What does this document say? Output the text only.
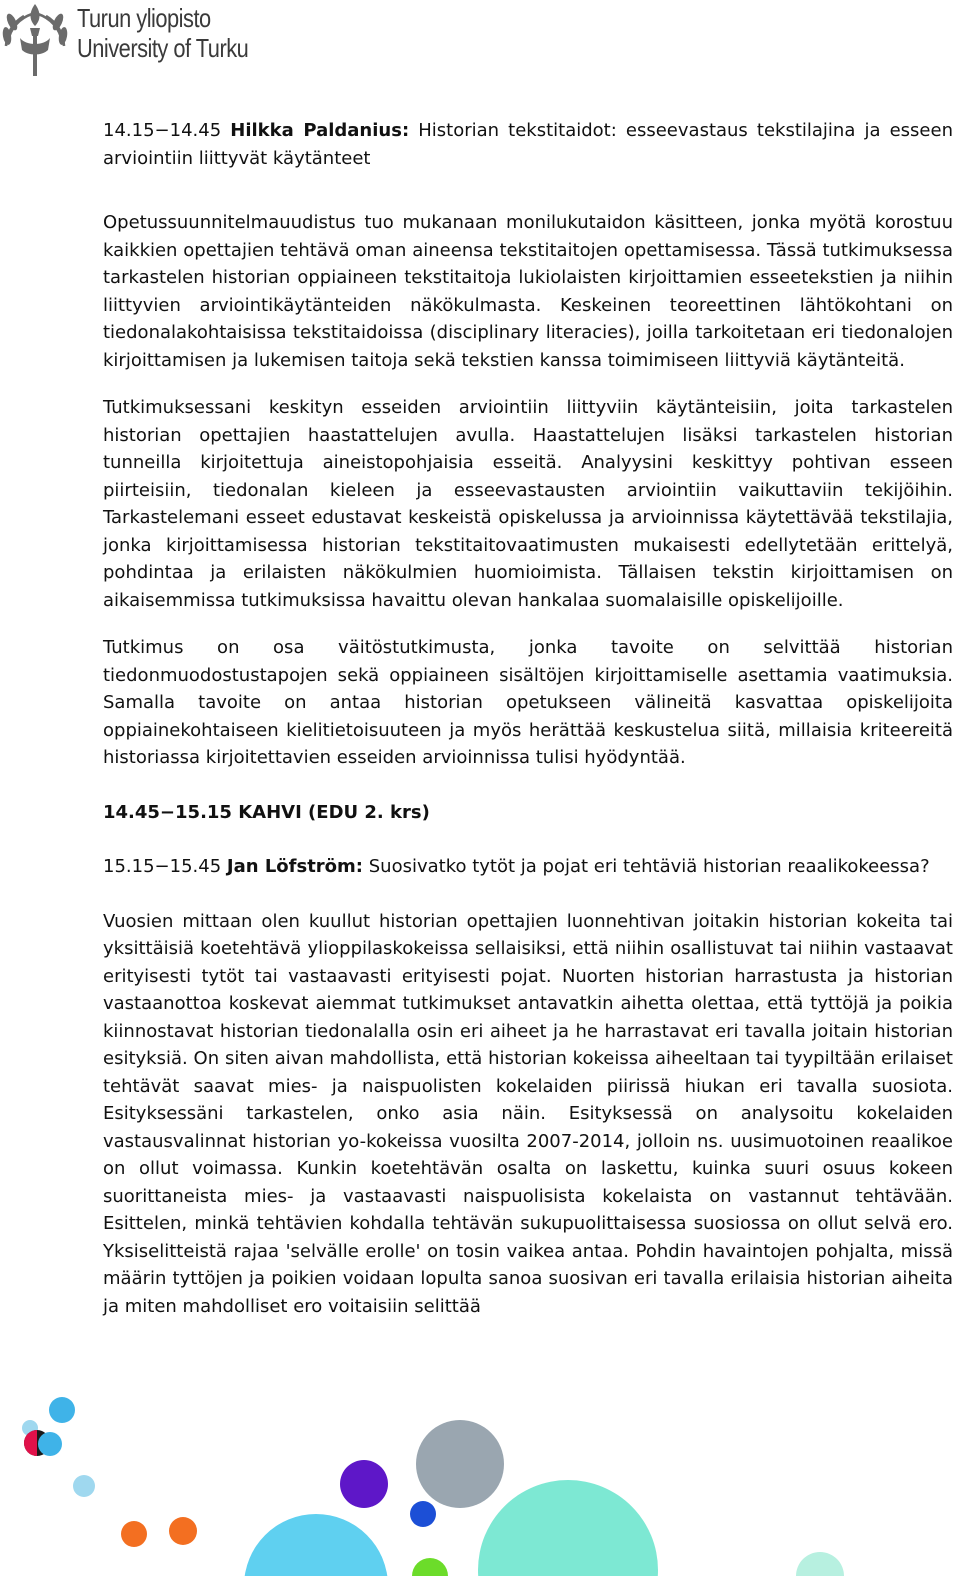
Turun yliopisto
University of Turku

14.15−14.45 Hilkka Paldanius: Historian tekstitaidot: esseevastaus tekstilajina ja esseen arviointiin liittyvät käytänteet

Opetussuunnitelmauudistus tuo mukanaan monilukutaidon käsitteen, jonka myötä korostuu kaikkien opettajien tehtävä oman aineensa tekstitaitojen opettamisessa. Tässä tutkimuksessa tarkastelen historian oppiaineen tekstitaitoja lukiolaisten kirjoittamien esseetekstien ja niihin liittyvien arviointikäytänteiden näkökulmasta. Keskeinen teoreettinen lähtökohtani on tiedonalakohtaisissa tekstitaidoissa (disciplinary literacies), joilla tarkoitetaan eri tiedonalojen kirjoittamisen ja lukemisen taitoja sekä tekstien kanssa toimimiseen liittyviä käytänteitä.

Tutkimuksessani keskityn esseiden arviointiin liittyviin käytänteisiin, joita tarkastelen historian opettajien haastattelujen avulla. Haastattelujen lisäksi tarkastelen historian tunneilla kirjoitettuja aineistopohjaisia esseitä. Analyysini keskittyy pohtivan esseen piirteisiin, tiedonalan kieleen ja esseevastausten arviointiin vaikuttaviin tekijöihin. Tarkastelemani esseet edustavat keskeistä opiskelussa ja arvioinnissa käytettävää tekstilajia, jonka kirjoittamisessa historian tekstitaitovaatimusten mukaisesti edellytetään erittelyä, pohdintaa ja erilaisten näkökulmien huomioimista. Tällaisen tekstin kirjoittamisen on aikaisemmissa tutkimuksissa havaittu olevan hankalaa suomalaisille opiskelijoille.

Tutkimus on osa väitöstutkimusta, jonka tavoite on selvittää historian tiedonmuodostustapojen sekä oppiaineen sisältöjen kirjoittamiselle asettamia vaatimuksia. Samalla tavoite on antaa historian opetukseen välineitä kasvattaa opiskelijoita oppiainekohtaiseen kielitietoisuuteen ja myös herättää keskustelua siitä, millaisia kriteereitä historiassa kirjoitettavien esseiden arvioinnissa tulisi hyödyntää.

14.45−15.15 KAHVI (EDU 2. krs)

15.15−15.45 Jan Löfström: Suosivatko tytöt ja pojat eri tehtäviä historian reaalikokeessa?

Vuosien mittaan olen kuullut historian opettajien luonnehtivan joitakin historian kokeita tai yksittäisiä koetehtävä ylioppilaskokeissa sellaisiksi, että niihin osallistuvat tai niihin vastaavat erityisesti tytöt tai vastaavasti erityisesti pojat. Nuorten historian harrastusta ja historian vastaanottoa koskevat aiemmat tutkimukset antavatkin aihetta olettaa, että tyttöjä ja poikia kiinnostavat historian tiedonalalla osin eri aiheet ja he harrastavat eri tavalla joitain historian esityksiä. On siten aivan mahdollista, että historian kokeissa aiheeltaan tai tyypiltään erilaiset tehtävät saavat mies- ja naispuolisten kokelaiden piirissä hiukan eri tavalla suosiota. Esityksessäni tarkastelen, onko asia näin. Esityksessä on analysoitu kokelaiden vastausvalinnat historian yo-kokeissa vuosilta 2007-2014, jolloin ns. uusimuotoinen reaalikoe on ollut voimassa. Kunkin koetehtävän osalta on laskettu, kuinka suuri osuus kokeen suorittaneista mies- ja vastaavasti naispuolisista kokelaista on vastannut tehtävään. Esittelen, minkä tehtävien kohdalla tehtävän sukupuolittaisessa suosiossa on ollut selvä ero. Yksiselitteistä rajaa 'selvälle erolle' on tosin vaikea antaa. Pohdin havaintojen pohjalta, missä määrin tyttöjen ja poikien voidaan lopulta sanoa suosivan eri tavalla erilaisia historian aiheita ja miten mahdolliset ero voitaisiin selittää
